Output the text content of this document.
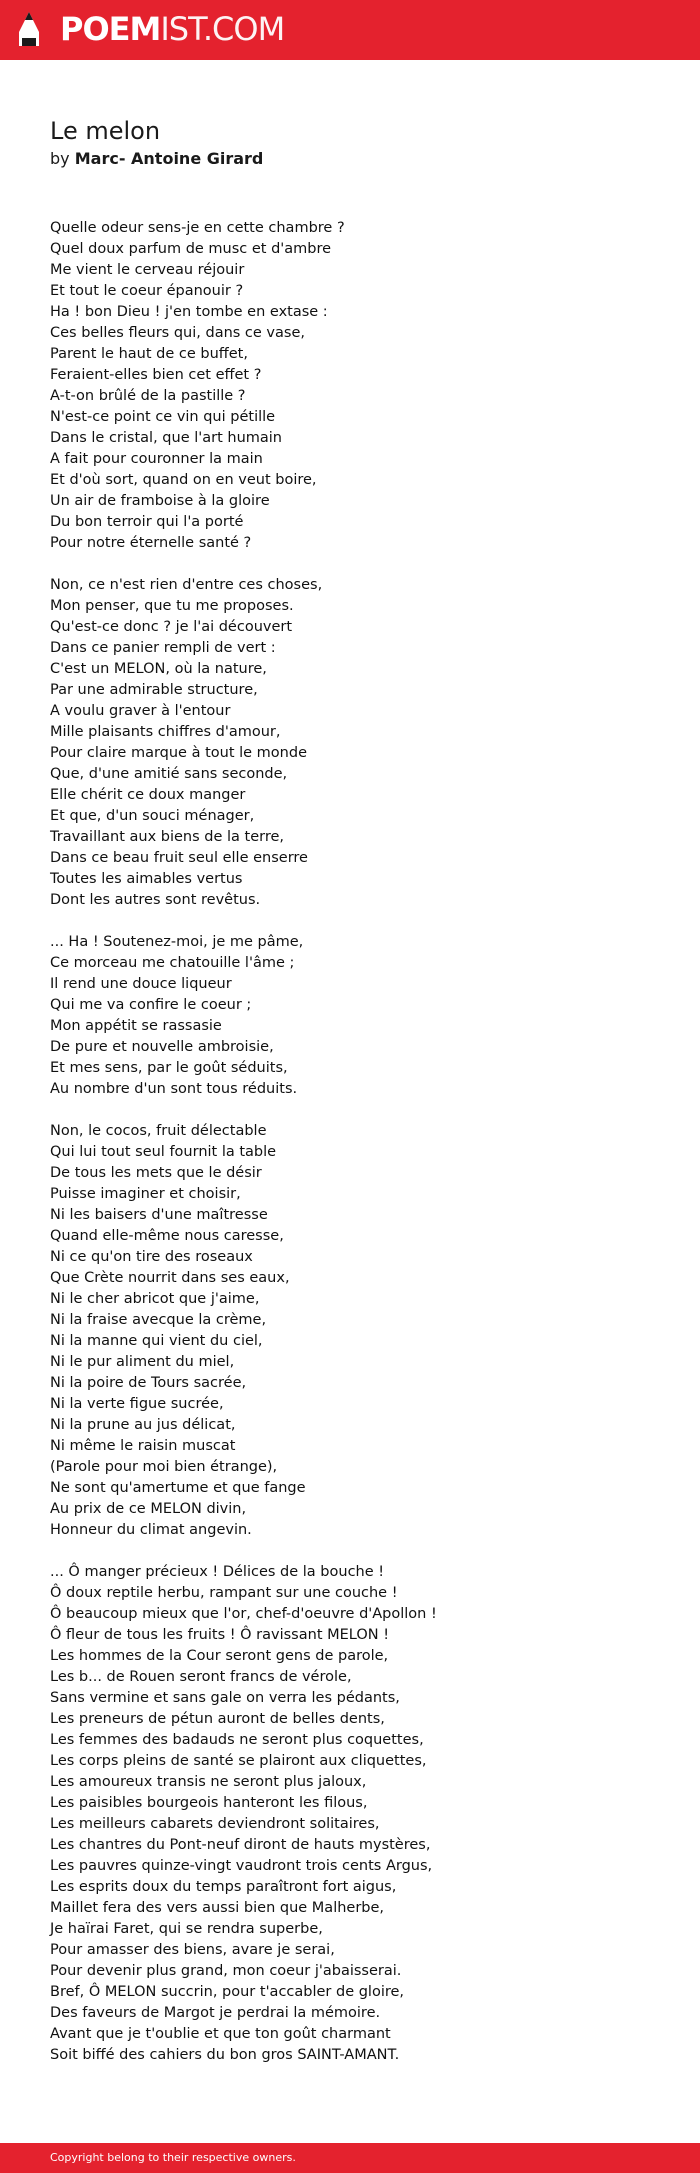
POEMIST.COM
Le melon
by Marc- Antoine Girard
Quelle odeur sens-je en cette chambre ?
Quel doux parfum de musc et d'ambre
Me vient le cerveau réjouir
Et tout le coeur épanouir ?
Ha ! bon Dieu ! j'en tombe en extase :
Ces belles fleurs qui, dans ce vase,
Parent le haut de ce buffet,
Feraient-elles bien cet effet ?
A-t-on brûlé de la pastille ?
N'est-ce point ce vin qui pétille
Dans le cristal, que l'art humain
A fait pour couronner la main
Et d'où sort, quand on en veut boire,
Un air de framboise à la gloire
Du bon terroir qui l'a porté
Pour notre éternelle santé ?
Non, ce n'est rien d'entre ces choses,
Mon penser, que tu me proposes.
Qu'est-ce donc ? je l'ai découvert
Dans ce panier rempli de vert :
C'est un MELON, où la nature,
Par une admirable structure,
A voulu graver à l'entour
Mille plaisants chiffres d'amour,
Pour claire marque à tout le monde
Que, d'une amitié sans seconde,
Elle chérit ce doux manger
Et que, d'un souci ménager,
Travaillant aux biens de la terre,
Dans ce beau fruit seul elle enserre
Toutes les aimables vertus
Dont les autres sont revêtus.
... Ha ! Soutenez-moi, je me pâme,
Ce morceau me chatouille l'âme ;
Il rend une douce liqueur
Qui me va confire le coeur ;
Mon appétit se rassasie
De pure et nouvelle ambroisie,
Et mes sens, par le goût séduits,
Au nombre d'un sont tous réduits.
Non, le cocos, fruit délectable
Qui lui tout seul fournit la table
De tous les mets que le désir
Puisse imaginer et choisir,
Ni les baisers d'une maîtresse
Quand elle-même nous caresse,
Ni ce qu'on tire des roseaux
Que Crète nourrit dans ses eaux,
Ni le cher abricot que j'aime,
Ni la fraise avecque la crème,
Ni la manne qui vient du ciel,
Ni le pur aliment du miel,
Ni la poire de Tours sacrée,
Ni la verte figue sucrée,
Ni la prune au jus délicat,
Ni même le raisin muscat
(Parole pour moi bien étrange),
Ne sont qu'amertume et que fange
Au prix de ce MELON divin,
Honneur du climat angevin.
... Ô manger précieux ! Délices de la bouche !
Ô doux reptile herbu, rampant sur une couche !
Ô beaucoup mieux que l'or, chef-d'oeuvre d'Apollon !
Ô fleur de tous les fruits ! Ô ravissant MELON !
Les hommes de la Cour seront gens de parole,
Les b... de Rouen seront francs de vérole,
Sans vermine et sans gale on verra les pédants,
Les preneurs de pétun auront de belles dents,
Les femmes des badauds ne seront plus coquettes,
Les corps pleins de santé se plairont aux cliquettes,
Les amoureux transis ne seront plus jaloux,
Les paisibles bourgeois hanteront les filous,
Les meilleurs cabarets deviendront solitaires,
Les chantres du Pont-neuf diront de hauts mystères,
Les pauvres quinze-vingt vaudront trois cents Argus,
Les esprits doux du temps paraîtront fort aigus,
Maillet fera des vers aussi bien que Malherbe,
Je haïrai Faret, qui se rendra superbe,
Pour amasser des biens, avare je serai,
Pour devenir plus grand, mon coeur j'abaisserai.
Bref, Ô MELON succrin, pour t'accabler de gloire,
Des faveurs de Margot je perdrai la mémoire.
Avant que je t'oublie et que ton goût charmant
Soit biffé des cahiers du bon gros SAINT-AMANT.
Copyright belong to their respective owners.
